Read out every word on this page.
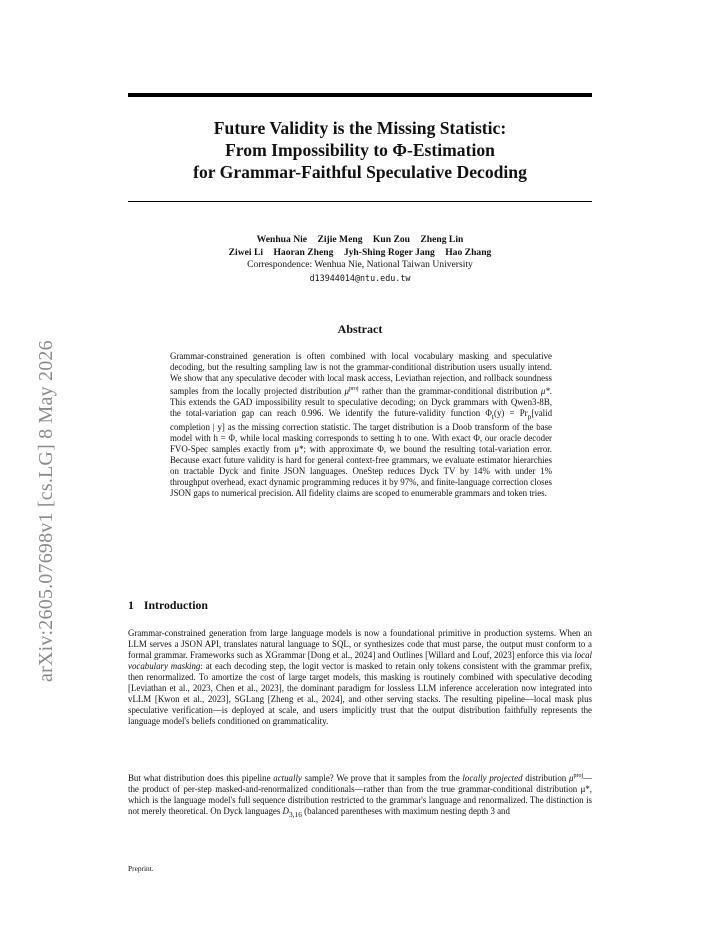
arXiv:2605.07698v1 [cs.LG] 8 May 2026
Future Validity is the Missing Statistic:
From Impossibility to Φ-Estimation
for Grammar-Faithful Speculative Decoding
Wenhua Nie Zijie Meng Kun Zou Zheng Lin
Ziwei Li Haoran Zheng Jyh-Shing Roger Jang Hao Zhang
Correspondence: Wenhua Nie, National Taiwan University
d13944014@ntu.edu.tw
Abstract

Grammar-constrained generation is often combined with local vocabulary masking and speculative decoding, but the resulting sampling law is not the grammar-conditional distribution users usually intend. We show that any speculative decoder with local mask access, Leviathan rejection, and rollback soundness samples from the locally projected distribution $\mu^{proj}$ rather than the grammar-conditional distribution μ*. This extends the GAD impossibility result to speculative decoding; on Dyck grammars with Qwen3-8B, the total-variation gap can reach 0.996. We identify the future-validity function $\Phi_t(y)$ = $Pr_p[valid$ completion | y] as the missing correction statistic. The target distribution is a Doob transform of the base model with h = Φ, while local masking corresponds to setting h to one. With exact Φ, our oracle decoder FVO-Spec samples exactly from μ*; with approximate Φ, we bound the resulting total-variation error. Because exact future validity is hard for general context-free grammars, we evaluate estimator hierarchies on tractable Dyck and finite JSON languages. OneStep reduces Dyck TV by 14% with under 1% throughput overhead, exact dynamic programming reduces it by 97%, and finite-language correction closes JSON gaps to numerical precision. All fidelity claims are scoped to enumerable grammars and token tries.

1 Introduction

Grammar-constrained generation from large language models is now a foundational primitive in production systems. When an LLM serves a JSON API, translates natural language to SQL, or synthesizes code that must parse, the output must conform to a formal grammar. Frameworks such as XGrammar [Dong et al., 2024] and Outlines [Willard and Louf, 2023] enforce this via local vocabulary masking: at each decoding step, the logit vector is masked to retain only tokens consistent with the grammar prefix, then renormalized. To amortize the cost of large target models, this masking is routinely combined with speculative decoding [Leviathan et al., 2023, Chen et al., 2023], the dominant paradigm for lossless LLM inference acceleration now integrated into vLLM [Kwon et al., 2023], SGLang [Zheng et al., 2024], and other serving stacks. The resulting pipeline—local mask plus speculative verification—is deployed at scale, and users implicitly trust that the output distribution faithfully represents the language model's beliefs conditioned on grammaticality.

But what distribution does this pipeline actually sample? We prove that it samples from the locally projected distribution $\mu^{proj}—the$ product of per-step masked-and-renormalized conditionals—rather than from the true grammar-conditional distribution μ*, which is the language model's full sequence distribution restricted to the grammar's language and renormalized. The distinction is not merely theoretical. On Dyck languages $D_{3,16}$ (balanced parentheses with maximum nesting depth 3 and

Preprint.
